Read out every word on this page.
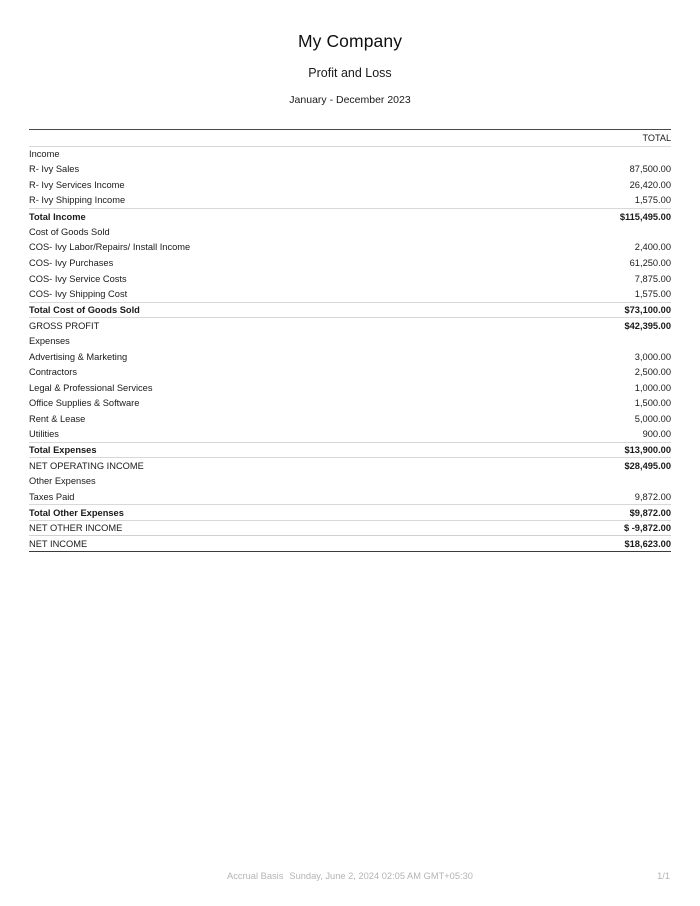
My Company
Profit and Loss
January - December 2023
	TOTAL
Income	
R- Ivy Sales	87,500.00
R- Ivy Services Income	26,420.00
R- Ivy Shipping Income	1,575.00
Total Income	$115,495.00
Cost of Goods Sold	
COS- Ivy Labor/Repairs/ Install Income	2,400.00
COS- Ivy Purchases	61,250.00
COS- Ivy Service Costs	7,875.00
COS- Ivy Shipping Cost	1,575.00
Total Cost of Goods Sold	$73,100.00
GROSS PROFIT	$42,395.00
Expenses	
Advertising & Marketing	3,000.00
Contractors	2,500.00
Legal & Professional Services	1,000.00
Office Supplies & Software	1,500.00
Rent & Lease	5,000.00
Utilities	900.00
Total Expenses	$13,900.00
NET OPERATING INCOME	$28,495.00
Other Expenses	
Taxes Paid	9,872.00
Total Other Expenses	$9,872.00
NET OTHER INCOME	$ -9,872.00
NET INCOME	$18,623.00
Accrual Basis Sunday, June 2, 2024 02:05 AM GMT+05:30	1/1
